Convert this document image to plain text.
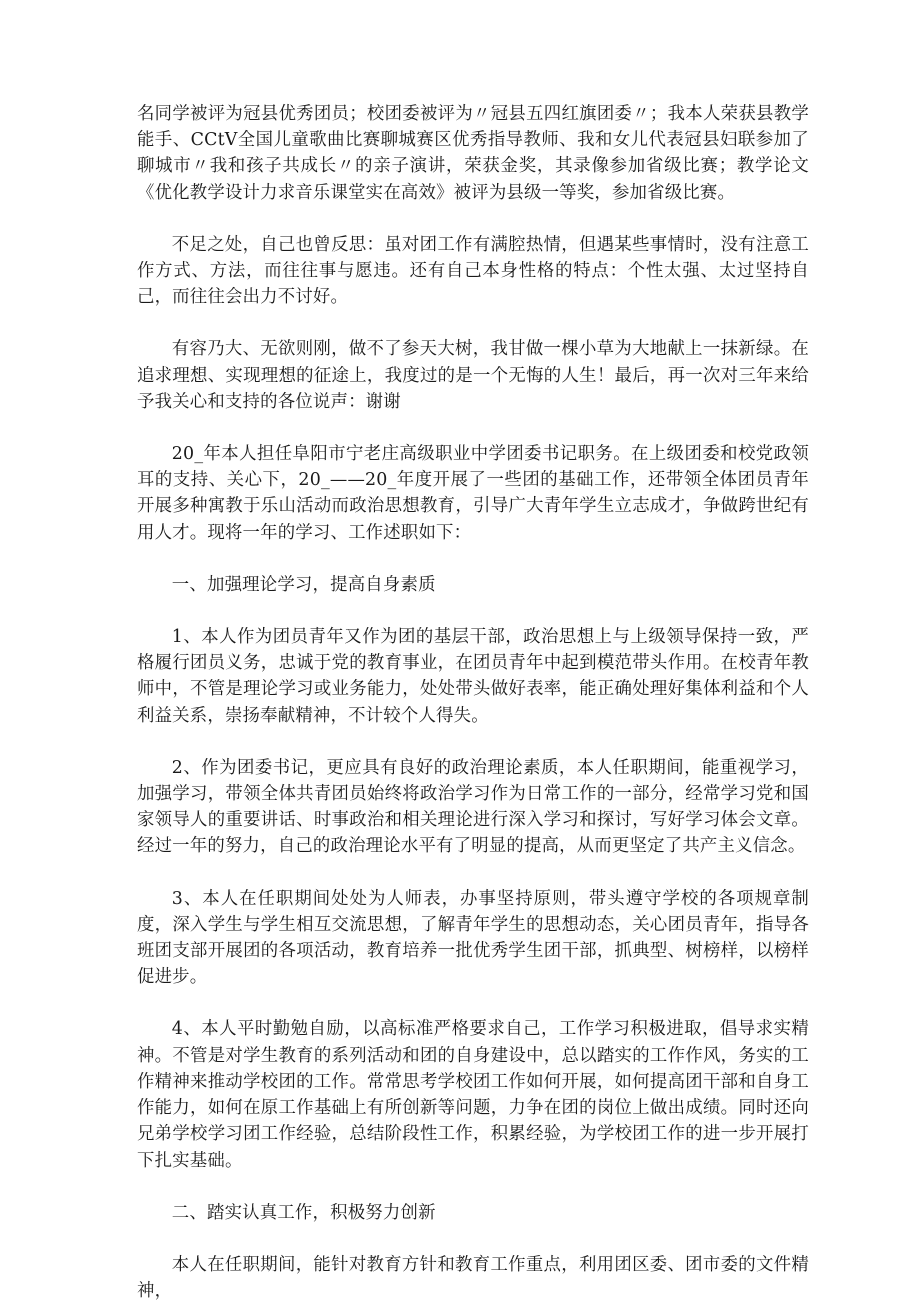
名同学被评为冠县优秀团员；校团委被评为〃冠县五四红旗团委〃；我本人荣获县教学能手、CCtV全国儿童歌曲比赛聊城赛区优秀指导教师、我和女儿代表冠县妇联参加了聊城市〃我和孩子共成长〃的亲子演讲，荣获金奖，其录像参加省级比赛；教学论文《优化教学设计力求音乐课堂实在高效》被评为县级一等奖，参加省级比赛。

不足之处，自己也曾反思：虽对团工作有满腔热情，但遇某些事情时，没有注意工作方式、方法，而往往事与愿违。还有自己本身性格的特点：个性太强、太过坚持自己，而往往会出力不讨好。

有容乃大、无欲则刚，做不了参天大树，我甘做一棵小草为大地献上一抹新绿。在追求理想、实现理想的征途上，我度过的是一个无悔的人生！最后，再一次对三年来给予我关心和支持的各位说声：谢谢

20_年本人担任阜阳市宁老庄高级职业中学团委书记职务。在上级团委和校党政领耳的支持、关心下，20_——20_年度开展了一些团的基础工作，还带领全体团员青年开展多种寓教于乐山活动而政治思想教育，引导广大青年学生立志成才，争做跨世纪有用人才。现将一年的学习、工作述职如下：

一、加强理论学习，提高自身素质

1、本人作为团员青年又作为团的基层干部，政治思想上与上级领导保持一致，严格履行团员义务，忠诚于党的教育事业，在团员青年中起到模范带头作用。在校青年教师中，不管是理论学习或业务能力，处处带头做好表率，能正确处理好集体利益和个人利益关系，崇扬奉献精神，不计较个人得失。

2、作为团委书记，更应具有良好的政治理论素质，本人任职期间，能重视学习，加强学习，带领全体共青团员始终将政治学习作为日常工作的一部分，经常学习党和国家领导人的重要讲话、时事政治和相关理论进行深入学习和探讨，写好学习体会文章。经过一年的努力，自己的政治理论水平有了明显的提高，从而更坚定了共产主义信念。

3、本人在任职期间处处为人师表，办事坚持原则，带头遵守学校的各项规章制度，深入学生与学生相互交流思想，了解青年学生的思想动态，关心团员青年，指导各班团支部开展团的各项活动，教育培养一批优秀学生团干部，抓典型、树榜样，以榜样促进步。

4、本人平时勤勉自励，以高标准严格要求自己，工作学习积极进取，倡导求实精神。不管是对学生教育的系列活动和团的自身建设中，总以踏实的工作作风，务实的工作精神来推动学校团的工作。常常思考学校团工作如何开展，如何提高团干部和自身工作能力，如何在原工作基础上有所创新等问题，力争在团的岗位上做出成绩。同时还向兄弟学校学习团工作经验，总结阶段性工作，积累经验，为学校团工作的进一步开展打下扎实基础。

二、踏实认真工作，积极努力创新

本人在任职期间，能针对教育方针和教育工作重点，利用团区委、团市委的文件精神，
